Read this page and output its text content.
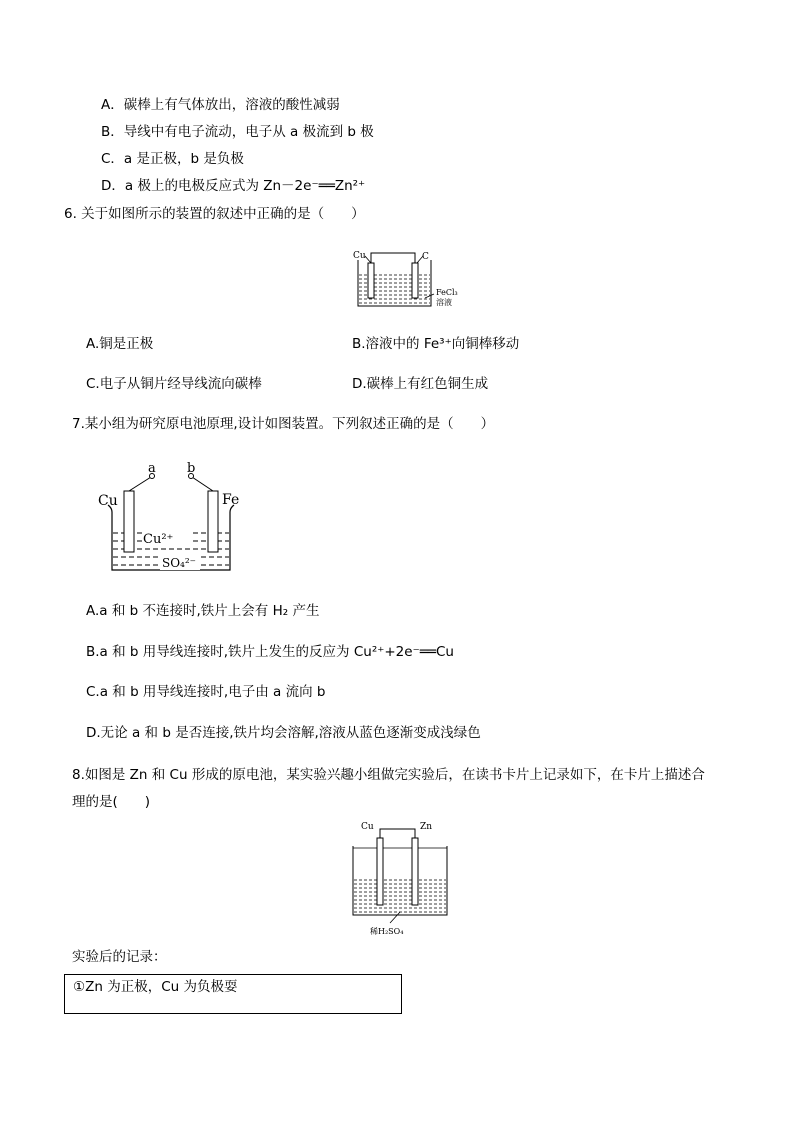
A．碳棒上有气体放出，溶液的酸性减弱
B．导线中有电子流动，电子从 a 极流到 b 极
C．a 是正极，b 是负极
D．a 极上的电极反应式为 Zn－2e⁻══Zn²⁺
6. 关于如图所示的装置的叙述中正确的是（　　）
Cu	C
FeCl₃
溶液
A.铜是正极	B.溶液中的 Fe³⁺向铜棒移动
C.电子从铜片经导线流向碳棒	D.碳棒上有红色铜生成
7.某小组为研究原电池原理,设计如图装置。下列叙述正确的是（　　）
a b
Cu	Fe
Cu²⁺
SO₄²⁻
A.a 和 b 不连接时,铁片上会有 H₂ 产生
B.a 和 b 用导线连接时,铁片上发生的反应为 Cu²⁺+2e⁻══Cu
C.a 和 b 用导线连接时,电子由 a 流向 b
D.无论 a 和 b 是否连接,铁片均会溶解,溶液从蓝色逐渐变成浅绿色
8.如图是 Zn 和 Cu 形成的原电池，某实验兴趣小组做完实验后，在读书卡片上记录如下，在卡片上描述合
理的是(　　)
Cu	Zn
稀H₂SO₄
实验后的记录：
①Zn 为正极，Cu 为负极耍
